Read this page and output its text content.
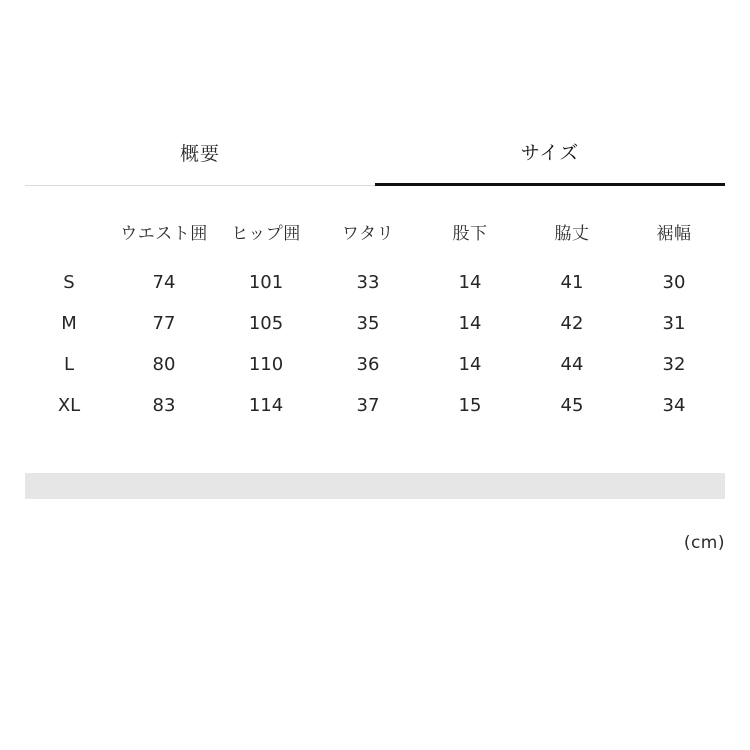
概要	サイズ
	ウエスト囲	ヒップ囲	ワタリ	股下	脇丈	裾幅
S	74	101	33	14	41	30
M	77	105	35	14	42	31
L	80	110	36	14	44	32
XL	83	114	37	15	45	34
(cm)
